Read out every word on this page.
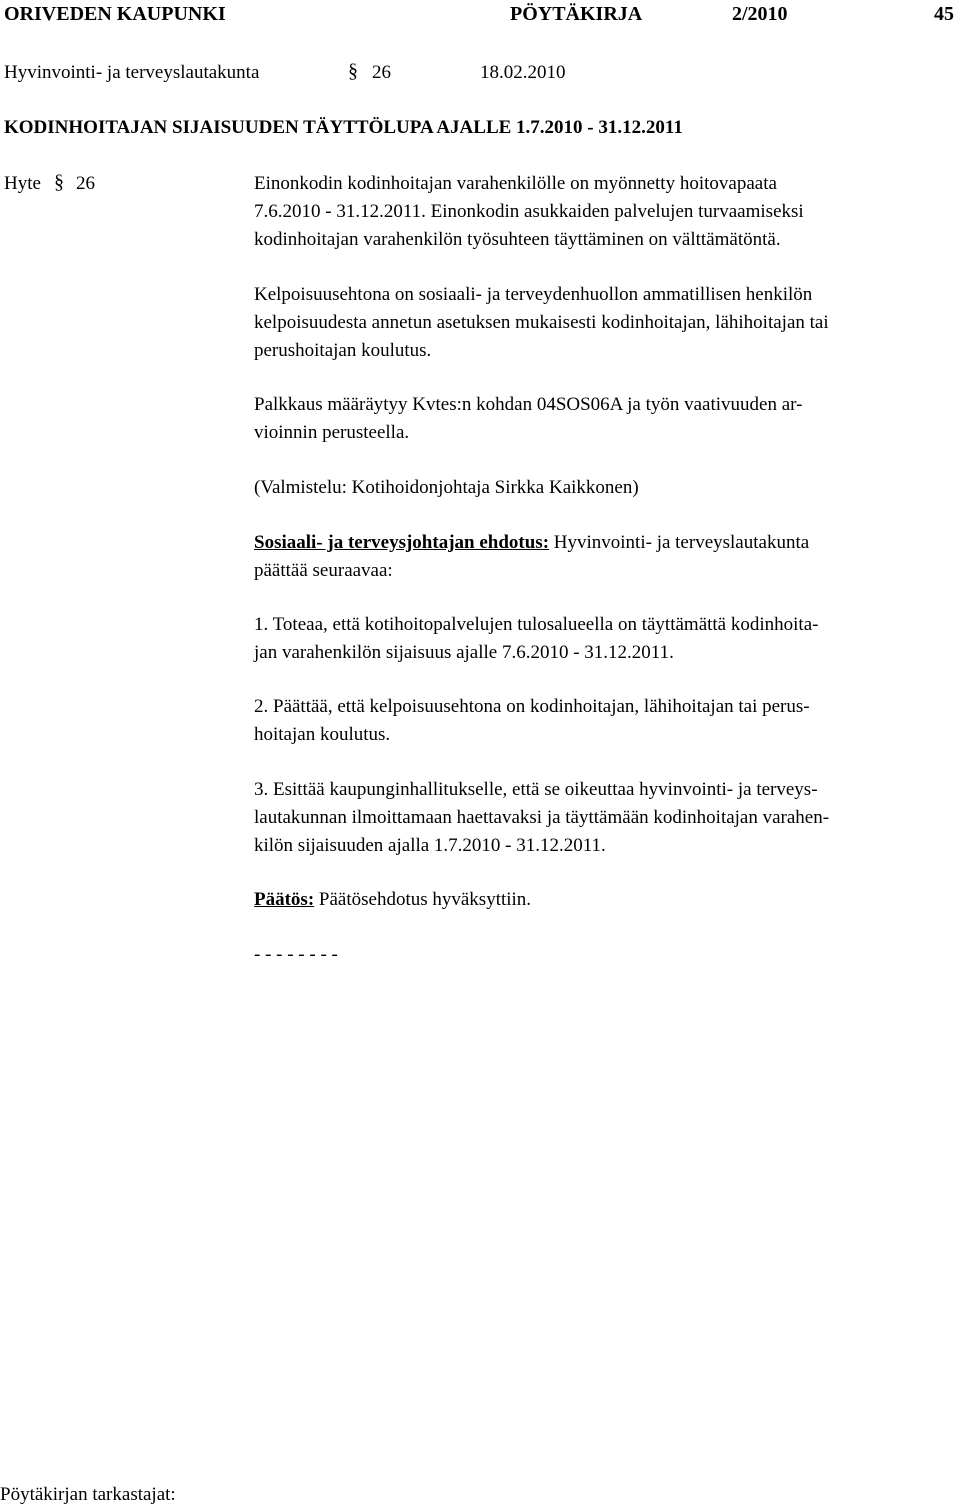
ORIVEDEN KAUPUNKI	PÖYTÄKIRJA	2/2010	45
Hyvinvointi- ja terveyslautakunta	§ 26	18.02.2010
KODINHOITAJAN SIJAISUUDEN TÄYTTÖLUPA AJALLE 1.7.2010 - 31.12.2011
Hyte § 26	Einonkodin kodinhoitajan varahenkilölle on myönnetty hoitovapaata
7.6.2010 - 31.12.2011. Einonkodin asukkaiden palvelujen turvaamiseksi
kodinhoitajan varahenkilön työsuhteen täyttäminen on välttämätöntä.
Kelpoisuusehtona on sosiaali- ja terveydenhuollon ammatillisen henkilön
kelpoisuudesta annetun asetuksen mukaisesti kodinhoitajan, lähihoitajan tai
perushoitajan koulutus.
Palkkaus määräytyy Kvtes:n kohdan 04SOS06A ja työn vaativuuden ar-
vioinnin perusteella.
(Valmistelu: Kotihoidonjohtaja Sirkka Kaikkonen)
Sosiaali- ja terveysjohtajan ehdotus: Hyvinvointi- ja terveyslautakunta
päättää seuraavaa:
1. Toteaa, että kotihoitopalvelujen tulosalueella on täyttämättä kodinhoita-
jan varahenkilön sijaisuus ajalle 7.6.2010 - 31.12.2011.
2. Päättää, että kelpoisuusehtona on kodinhoitajan, lähihoitajan tai perus-
hoitajan koulutus.
3. Esittää kaupunginhallitukselle, että se oikeuttaa hyvinvointi- ja terveys-
lautakunnan ilmoittamaan haettavaksi ja täyttämään kodinhoitajan varahen-
kilön sijaisuuden ajalla 1.7.2010 - 31.12.2011.
Päätös: Päätösehdotus hyväksyttiin.
- - - - - - - -
Pöytäkirjan tarkastajat:
